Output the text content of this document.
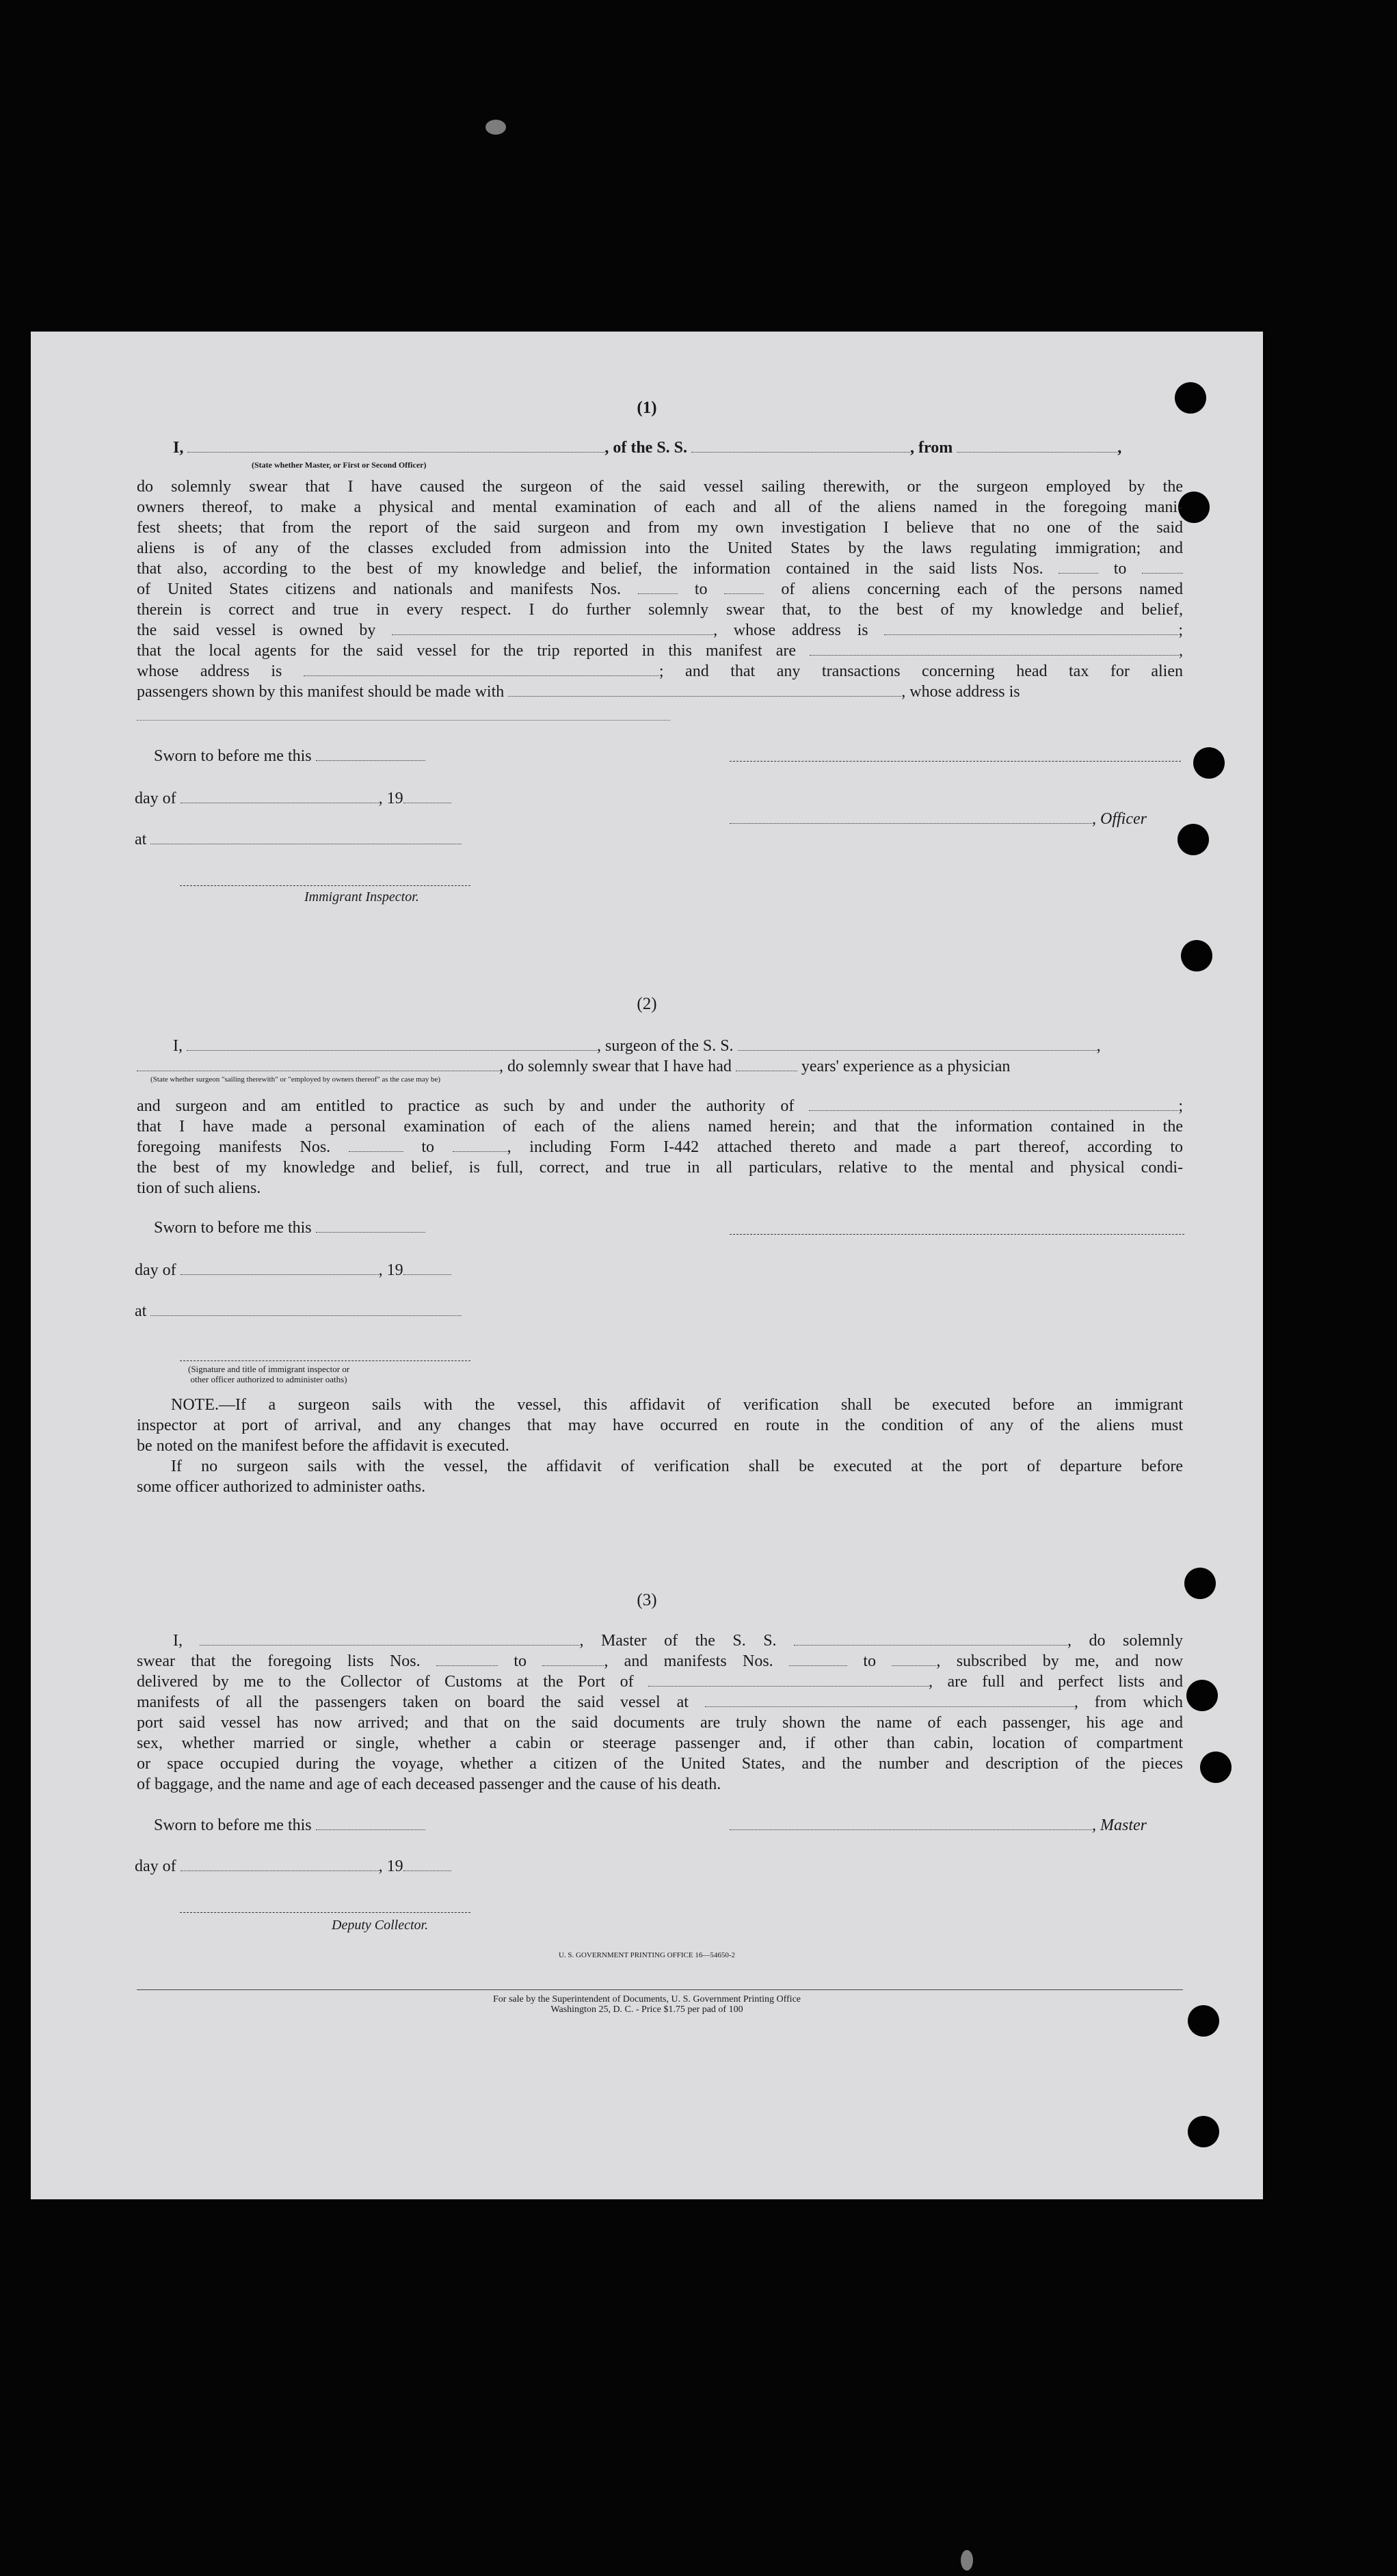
(1)
I,	, of the S. S.	, from	,
(State whether Master, or First or Second Officer)
do solemnly swear that I have caused the surgeon of the said vessel sailing therewith, or the surgeon employed by the
owners thereof, to make a physical and mental examination of each and all of the aliens named in the foregoing mani-
fest sheets; that from the report of the said surgeon and from my own investigation I believe that no one of the said
aliens is of any of the classes excluded from admission into the United States by the laws regulating immigration; and
that also, according to the best of my knowledge and belief, the information contained in the said lists Nos.  to
of United States citizens and nationals and manifests Nos.  to  of aliens concerning each of the persons named
therein is correct and true in every respect. I do further solemnly swear that, to the best of my knowledge and belief,
the said vessel is owned by	, whose address is	;
that the local agents for the said vessel for the trip reported in this manifest are	,
whose address is	; and that any transactions concerning head tax for alien
passengers shown by this manifest should be made with	, whose address is
Sworn to before me this
day of	, 19
, Officer
at
Immigrant Inspector.
(2)
I,	, surgeon of the S. S.	,
, do solemnly swear that I have had	years' experience as a physician
(State whether surgeon "sailing therewith" or "employed by owners thereof" as the case may be)
and surgeon and am entitled to practice as such by and under the authority of	;
that I have made a personal examination of each of the aliens named herein; and that the information contained in the
foregoing manifests Nos.	to	, including Form I-442 attached thereto and made a part thereof, according to
the best of my knowledge and belief, is full, correct, and true in all particulars, relative to the mental and physical condi-
tion of such aliens.
Sworn to before me this
day of	, 19
at
(Signature and title of immigrant inspector or
other officer authorized to administer oaths)
NOTE.—If a surgeon sails with the vessel, this affidavit of verification shall be executed before an immigrant
inspector at port of arrival, and any changes that may have occurred en route in the condition of any of the aliens must
be noted on the manifest before the affidavit is executed.
If no surgeon sails with the vessel, the affidavit of verification shall be executed at the port of departure before
some officer authorized to administer oaths.
(3)
I,	, Master of the S. S.	, do solemnly
swear that the foregoing lists Nos.	to	, and manifests Nos.	to	, subscribed by me, and now
delivered by me to the Collector of Customs at the Port of	, are full and perfect lists and
manifests of all the passengers taken on board the said vessel at	, from which
port said vessel has now arrived; and that on the said documents are truly shown the name of each passenger, his age and
sex, whether married or single, whether a cabin or steerage passenger and, if other than cabin, location of compartment
or space occupied during the voyage, whether a citizen of the United States, and the number and description of the pieces
of baggage, and the name and age of each deceased passenger and the cause of his death.
Sworn to before me this	, Master
day of	, 19
Deputy Collector.
U. S. GOVERNMENT PRINTING OFFICE 16—54650-2
For sale by the Superintendent of Documents, U. S. Government Printing Office
Washington 25, D. C. - Price $1.75 per pad of 100
